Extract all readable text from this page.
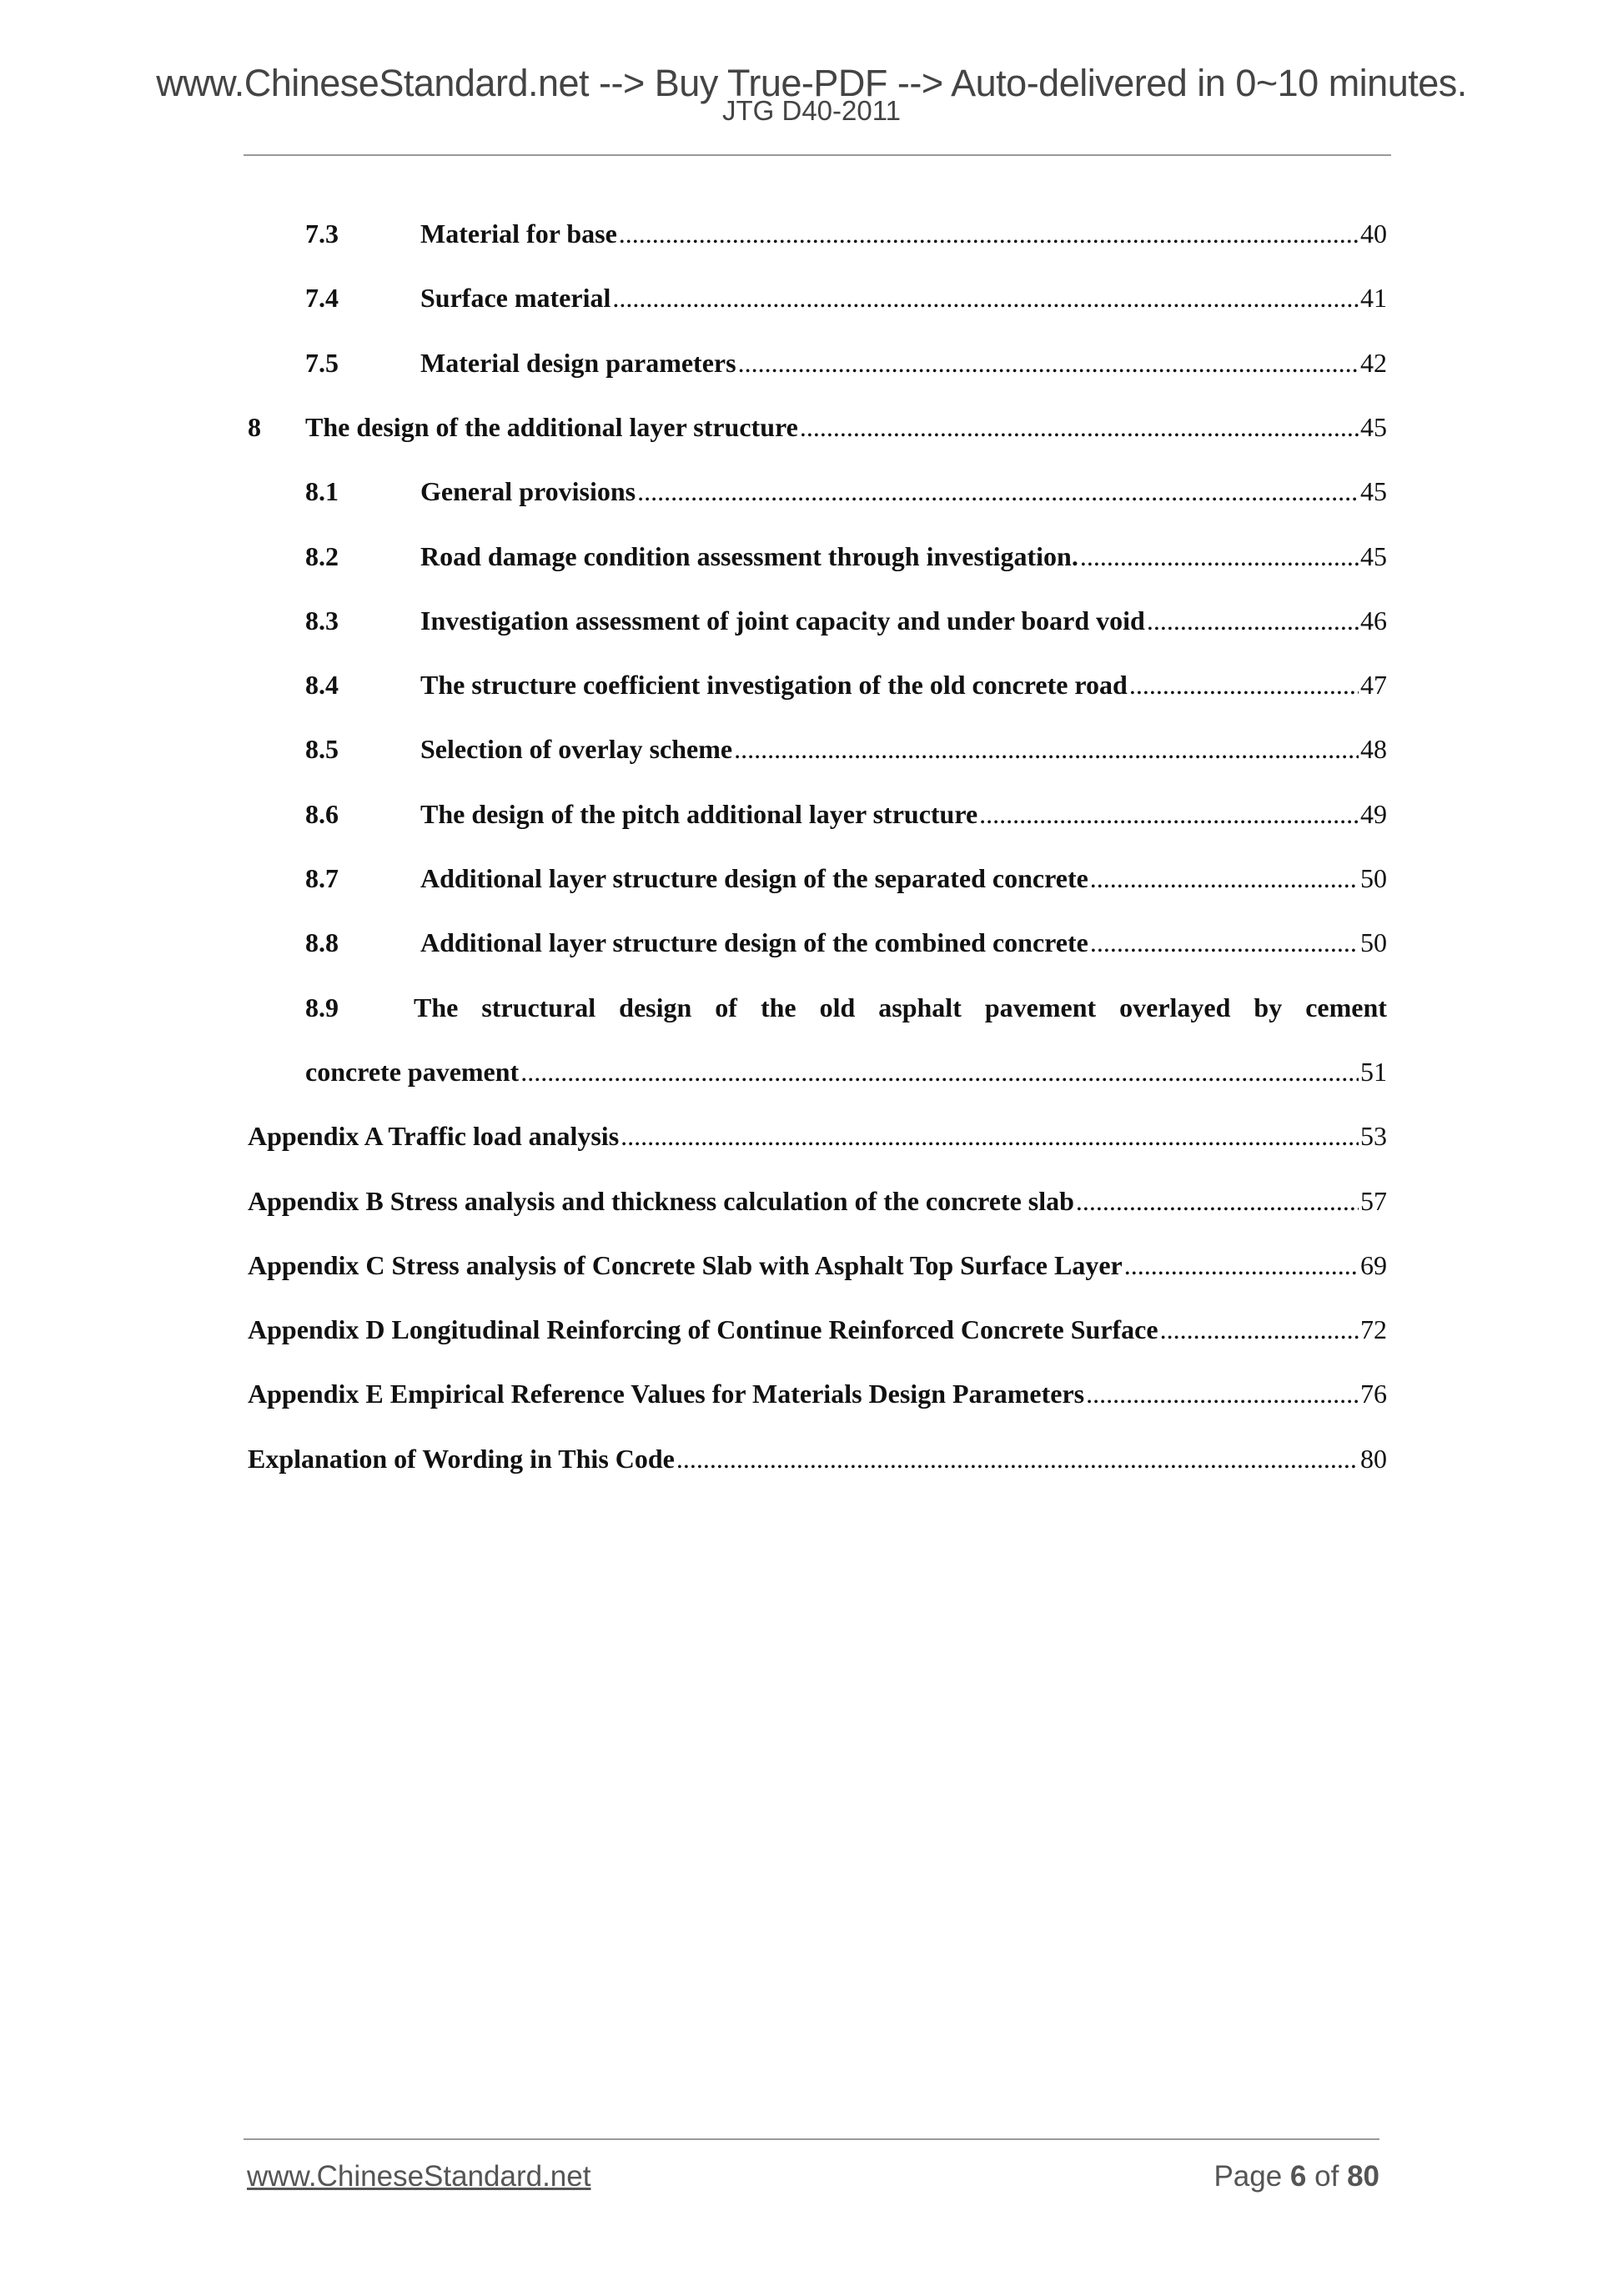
www.ChineseStandard.net --> Buy True-PDF --> Auto-delivered in 0~10 minutes.
JTG D40-2011
7.3	Material for base .....	40
7.4	Surface material .....	41
7.5	Material design parameters .....	42
8	The design of the additional layer structure .....	45
8.1	General provisions .....	45
8.2	Road damage condition assessment through investigation. .....	45
8.3	Investigation assessment of joint capacity and under board void .....	46
8.4	The structure coefficient investigation of the old concrete road .....	47
8.5	Selection of overlay scheme .....	48
8.6	The design of the pitch additional layer structure .....	49
8.7	Additional layer structure design of the separated concrete .....	50
8.8	Additional layer structure design of the combined concrete .....	50
8.9	The structural design of the old asphalt pavement overlayed by cement
concrete pavement .....	51
Appendix A Traffic load analysis .....	53
Appendix B Stress analysis and thickness calculation of the concrete slab .....	57
Appendix C Stress analysis of Concrete Slab with Asphalt Top Surface Layer .....	69
Appendix D Longitudinal Reinforcing of Continue Reinforced Concrete Surface .....	72
Appendix E Empirical Reference Values for Materials Design Parameters .....	76
Explanation of Wording in This Code .....	80
www.ChineseStandard.net	Page 6 of 80
